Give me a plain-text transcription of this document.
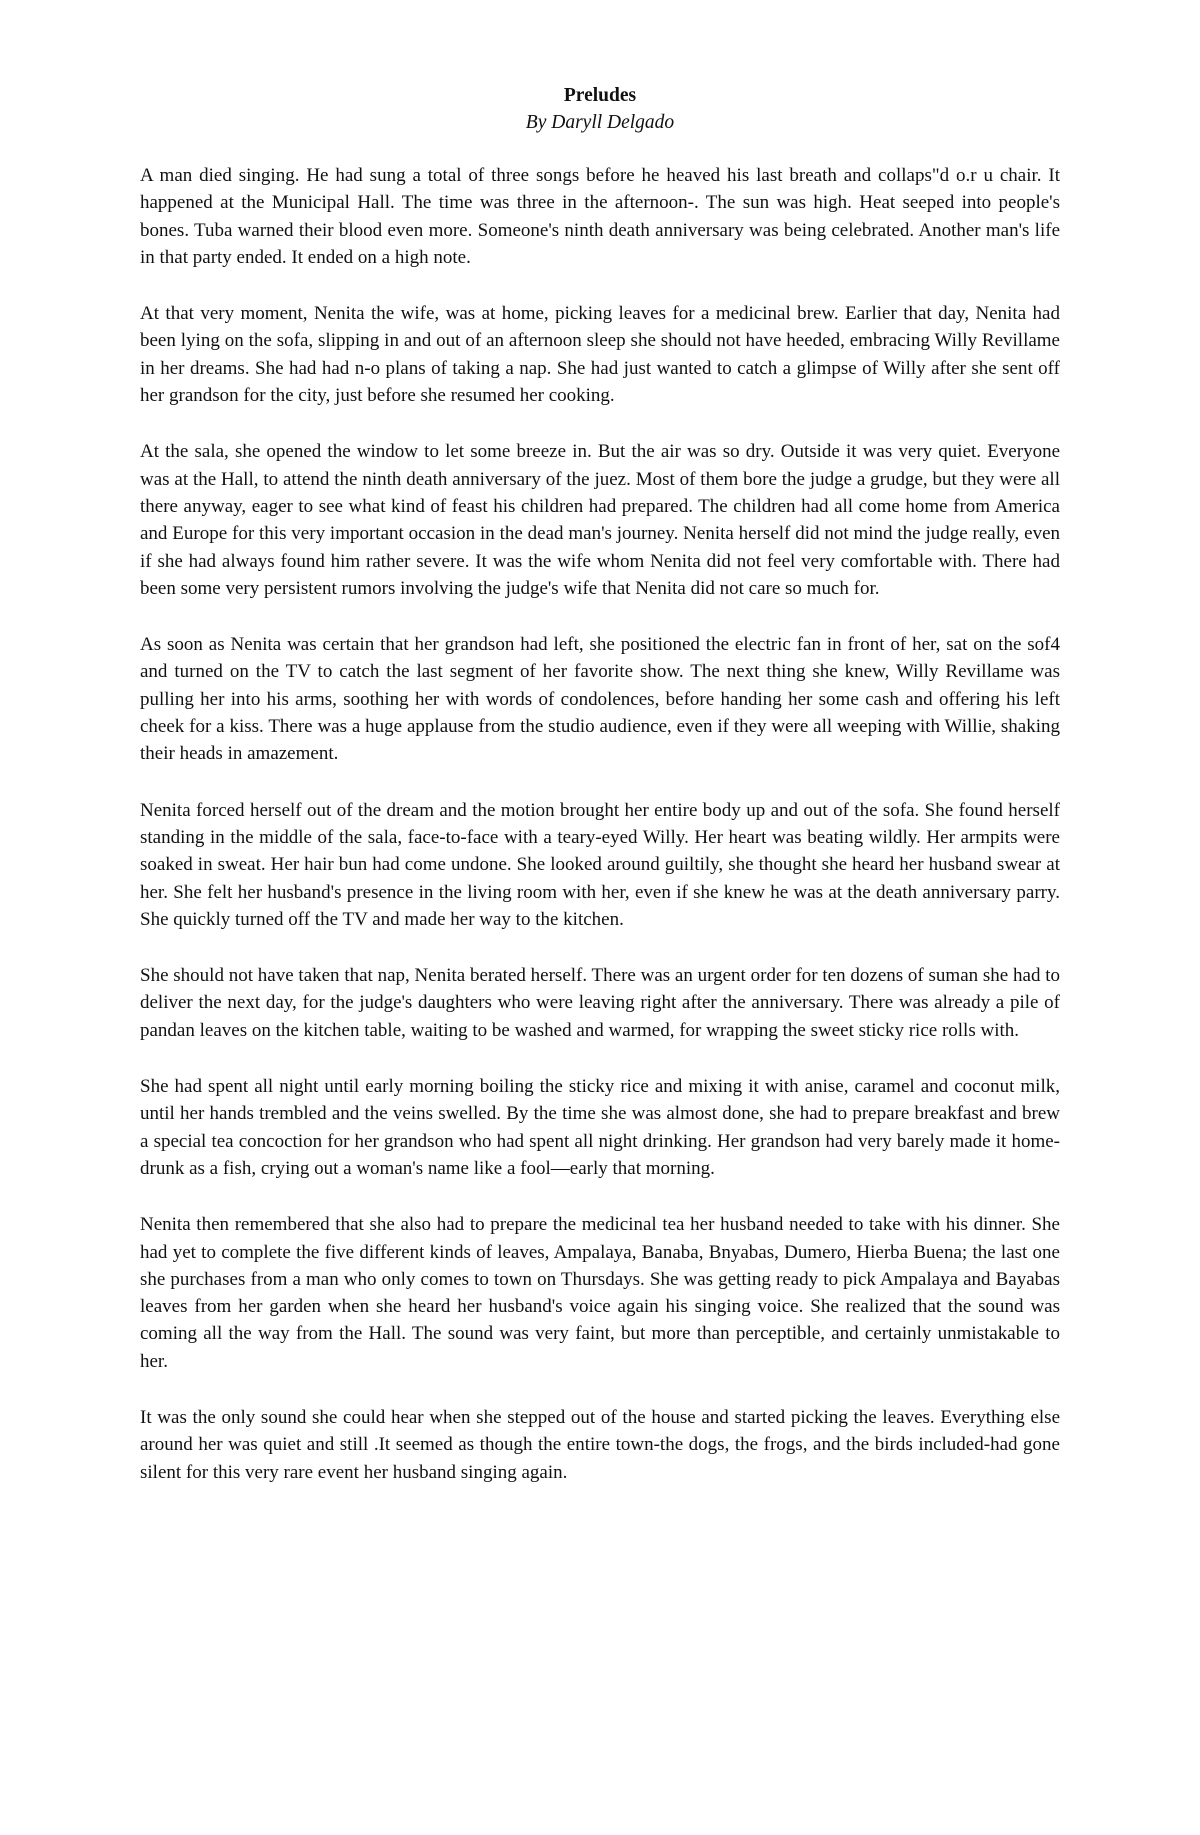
Preludes
By Daryll Delgado

A man died singing. He had sung a total of three songs before he heaved his last breath and collaps"d o.r u chair. It happened at the Municipal Hall. The time was three in the afternoon-. The sun was high. Heat seeped into people's bones. Tuba warned their blood even more. Someone's ninth death anniversary was being celebrated. Another man's life in that party ended. It ended on a high note.

At that very moment, Nenita the wife, was at home, picking leaves for a medicinal brew. Earlier that day, Nenita had been lying on the sofa, slipping in and out of an afternoon sleep she should not have heeded, embracing Willy Revillame in her dreams. She had had n-o plans of taking a nap. She had just wanted to catch a glimpse of Willy after she sent off her grandson for the city, just before she resumed her cooking.

At the sala, she opened the window to let some breeze in. But the air was so dry. Outside it was very quiet. Everyone was at the Hall, to attend the ninth death anniversary of the juez. Most of them bore the judge a grudge, but they were all there anyway, eager to see what kind of feast his children had prepared. The children had all come home from America and Europe for this very important occasion in the dead man's journey. Nenita herself did not mind the judge really, even if she had always found him rather severe. It was the wife whom Nenita did not feel very comfortable with. There had been some very persistent rumors involving the judge's wife that Nenita did not care so much for.

As soon as Nenita was certain that her grandson had left, she positioned the electric fan in front of her, sat on the sof4 and turned on the TV to catch the last segment of her favorite show. The next thing she knew, Willy Revillame was pulling her into his arms, soothing her with words of condolences, before handing her some cash and offering his left cheek for a kiss. There was a huge applause from the studio audience, even if they were all weeping with Willie, shaking their heads in amazement.

Nenita forced herself out of the dream and the motion brought her entire body up and out of the sofa. She found herself standing in the middle of the sala, face-to-face with a teary-eyed Willy. Her heart was beating wildly. Her armpits were soaked in sweat. Her hair bun had come undone. She looked around guiltily, she thought she heard her husband swear at her. She felt her husband's presence in the living room with her, even if she knew he was at the death anniversary parry. She quickly turned off the TV and made her way to the kitchen.

She should not have taken that nap, Nenita berated herself. There was an urgent order for ten dozens of suman she had to deliver the next day, for the judge's daughters who were leaving right after the anniversary. There was already a pile of pandan leaves on the kitchen table, waiting to be washed and warmed, for wrapping the sweet sticky rice rolls with.

She had spent all night until early morning boiling the sticky rice and mixing it with anise, caramel and coconut milk, until her hands trembled and the veins swelled. By the time she was almost done, she had to prepare breakfast and brew a special tea concoction for her grandson who had spent all night drinking. Her grandson had very barely made it home-drunk as a fish, crying out a woman's name like a fool—early that morning.

Nenita then remembered that she also had to prepare the medicinal tea her husband needed to take with his dinner. She had yet to complete the five different kinds of leaves, Ampalaya, Banaba, Bnyabas, Dumero, Hierba Buena; the last one she purchases from a man who only comes to town on Thursdays. She was getting ready to pick Ampalaya and Bayabas leaves from her garden when she heard her husband's voice again his singing voice. She realized that the sound was coming all the way from the Hall. The sound was very faint, but more than perceptible, and certainly unmistakable to her.

It was the only sound she could hear when she stepped out of the house and started picking the leaves. Everything else around her was quiet and still .It seemed as though the entire town-the dogs, the frogs, and the birds included-had gone silent for this very rare event her husband singing again.
